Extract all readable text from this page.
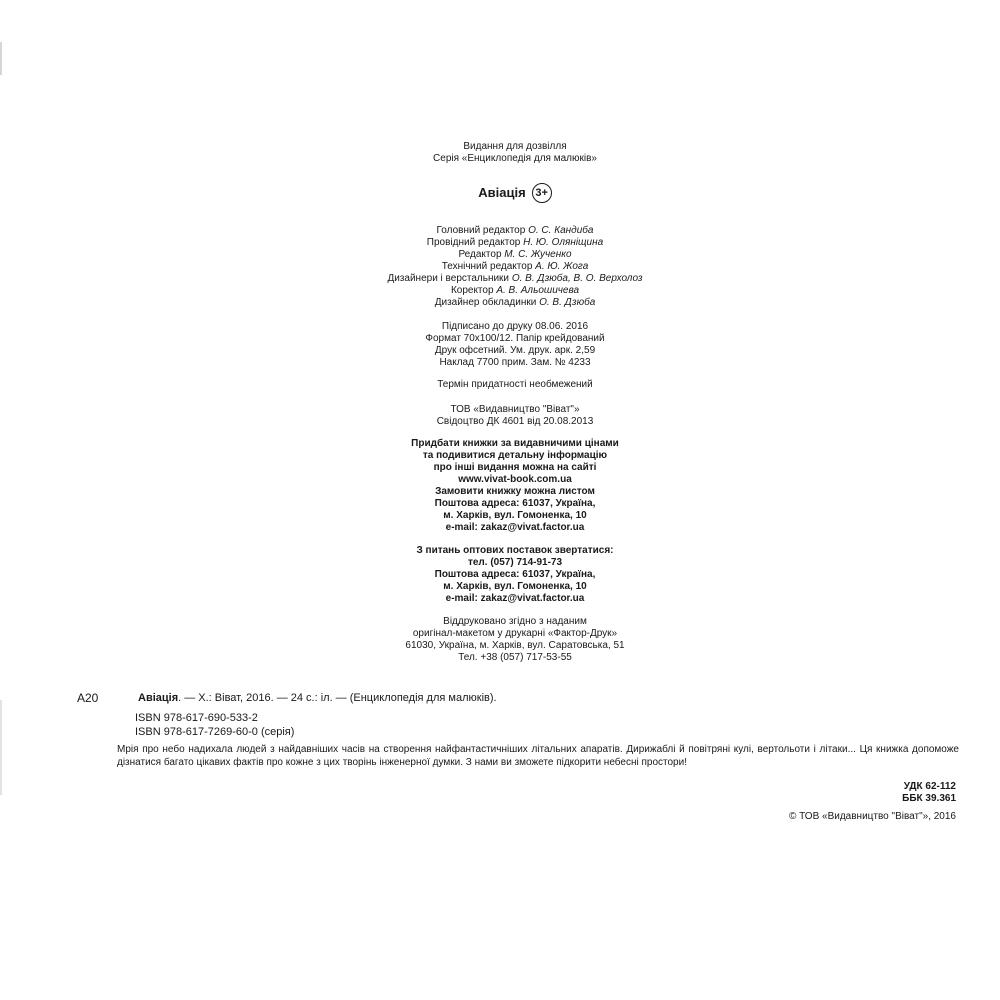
Видання для дозвілля
Серія «Енциклопедія для малюків»
Авіація 3+
Головний редактор О. С. Кандиба
Провідний редактор Н. Ю. Оляніщина
Редактор М. С. Жученко
Технічний редактор А. Ю. Жога
Дизайнери і верстальники О. В. Дзюба, В. О. Верхолоз
Коректор А. В. Альошичева
Дизайнер обкладинки О. В. Дзюба
Підписано до друку 08.06. 2016
Формат 70х100/12. Папір крейдований
Друк офсетний. Ум. друк. арк. 2,59
Наклад 7700 прим. Зам. № 4233
Термін придатності необмежений
ТОВ «Видавництво "Віват"»
Свідоцтво ДК 4601 від 20.08.2013
Придбати книжки за видавничими цінами
та подивитися детальну інформацію
про інші видання можна на сайті
www.vivat-book.com.ua
Замовити книжку можна листом
Поштова адреса: 61037, Україна,
м. Харків, вул. Гомоненка, 10
e-mail: zakaz@vivat.factor.ua
З питань оптових поставок звертатися:
тел. (057) 714-91-73
Поштова адреса: 61037, Україна,
м. Харків, вул. Гомоненка, 10
e-mail: zakaz@vivat.factor.ua
Віддруковано згідно з наданим
оригінал-макетом у друкарні «Фактор-Друк»
61030, Україна, м. Харків, вул. Саратовська, 51
Тел. +38 (057) 717-53-55
А20	Авіація. — Х.: Віват, 2016. — 24 с.: іл. — (Енциклопедія для малюків).
ISBN 978-617-690-533-2
ISBN 978-617-7269-60-0 (серія)
Мрія про небо надихала людей з найдавніших часів на створення найфантастичніших літальних апаратів. Дирижаблі й повітряні кулі, вертольоти і літаки... Ця книжка допоможе дізнатися багато цікавих фактів про кожне з цих творінь інженерної думки. З нами ви зможете підкорити небесні простори!
УДК 62-112
ББК 39.361
© ТОВ «Видавництво "Віват"», 2016
